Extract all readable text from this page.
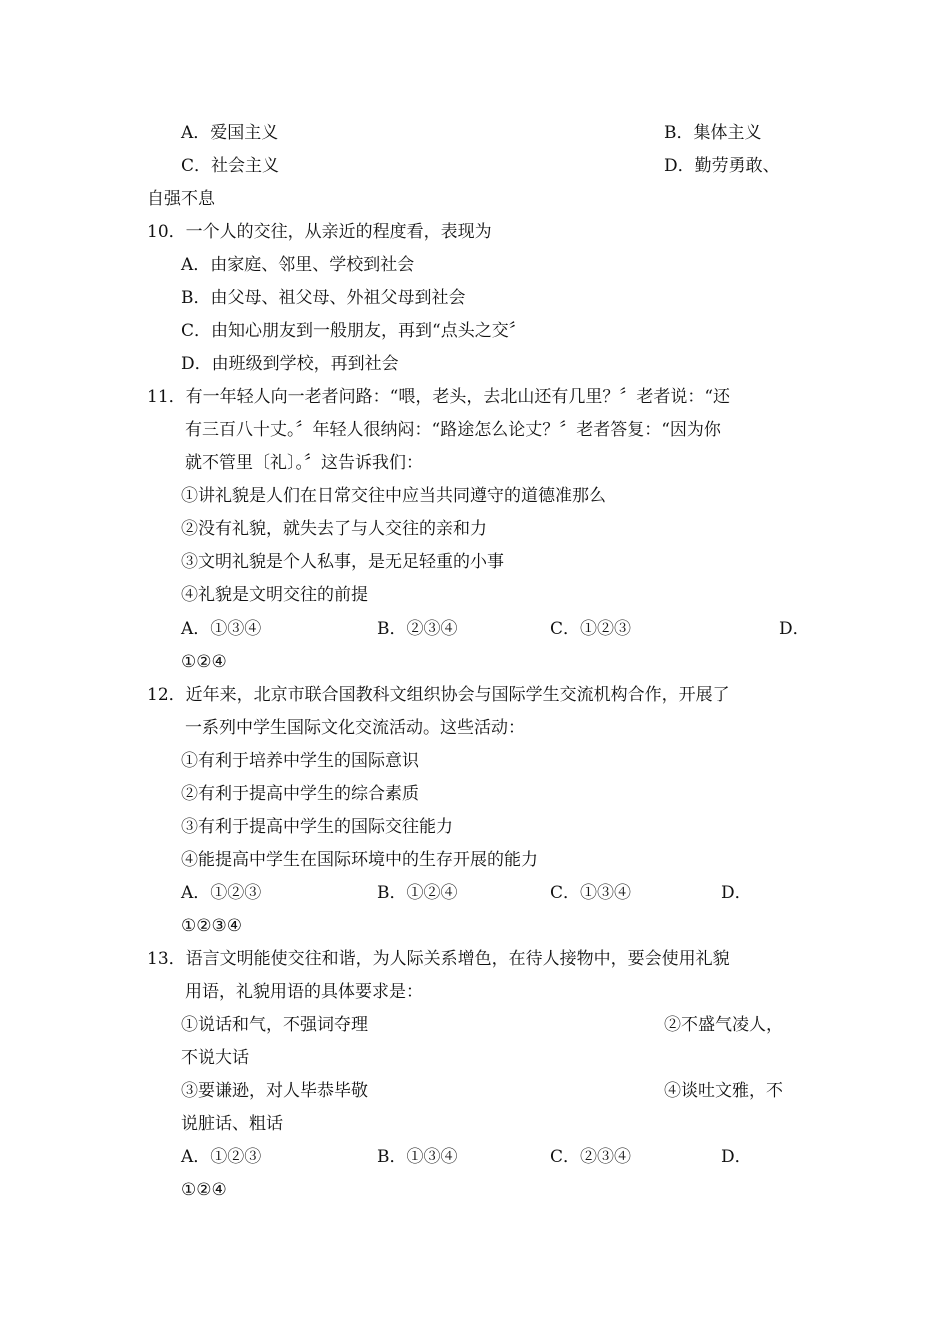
A．爱国主义	B．集体主义
C．社会主义	D．勤劳勇敢、
自强不息
10．一个人的交往，从亲近的程度看，表现为
A．由家庭、邻里、学校到社会
B．由父母、祖父母、外祖父母到社会
C．由知心朋友到一般朋友，再到“点头之交〞
D．由班级到学校，再到社会
11．有一年轻人向一老者问路：“喂，老头，去北山还有几里？〞老者说：“还
有三百八十丈。〞年轻人很纳闷：“路途怎么论丈？〞老者答复：“因为你
就不管里〔礼〕。〞这告诉我们：
①讲礼貌是人们在日常交往中应当共同遵守的道德准那么
②没有礼貌，就失去了与人交往的亲和力
③文明礼貌是个人私事，是无足轻重的小事
④礼貌是文明交往的前提
A．①③④	B．②③④	C．①②③	D．
①②④
12．近年来，北京市联合国教科文组织协会与国际学生交流机构合作，开展了
一系列中学生国际文化交流活动。这些活动：
①有利于培养中学生的国际意识
②有利于提高中学生的综合素质
③有利于提高中学生的国际交往能力
④能提高中学生在国际环境中的生存开展的能力
A．①②③	B．①②④	C．①③④	D．
①②③④
13．语言文明能使交往和谐，为人际关系增色，在待人接物中，要会使用礼貌
用语，礼貌用语的具体要求是：
①说话和气，不强词夺理	②不盛气凌人，
不说大话
③要谦逊，对人毕恭毕敬	④谈吐文雅，不
说脏话、粗话
A．①②③	B．①③④	C．②③④	D．
①②④
